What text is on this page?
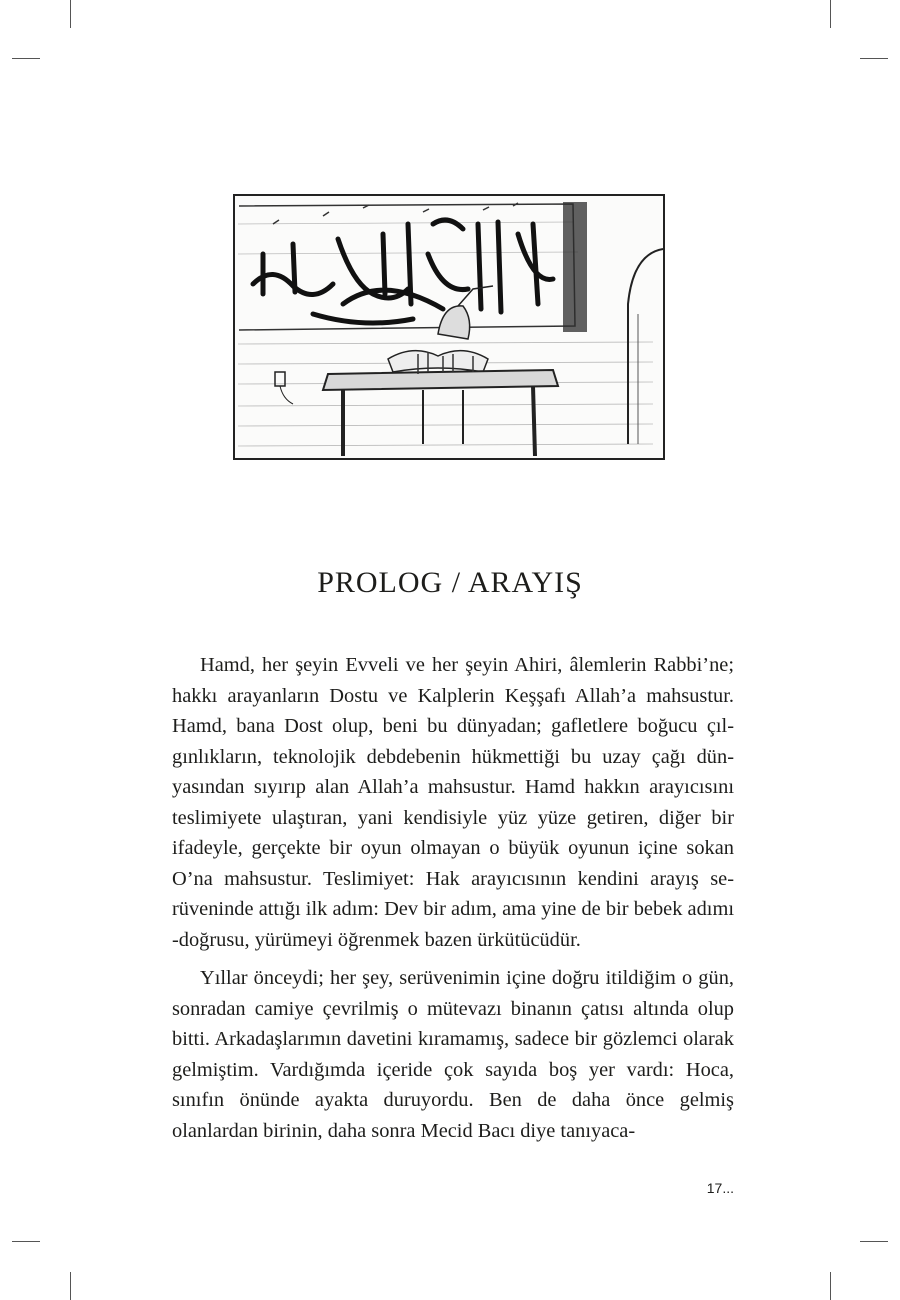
PROLOG / ARAYIŞ

Hamd, her şeyin Evveli ve her şeyin Ahiri, âlemlerin Rabbi’ne; hakkı arayanların Dostu ve Kalplerin Keşşafı Allah’a mahsustur. Hamd, bana Dost olup, beni bu dünyadan; gafletlere boğucu çılgınlıkların, teknolojik debdebenin hükmettiği bu uzay çağı dünyasından sıyırıp alan Allah’a mahsustur. Hamd hakkın arayıcısını teslimiyete ulaştıran, yani kendisiyle yüz yüze getiren, diğer bir ifadeyle, gerçekte bir oyun olmayan o büyük oyunun içine sokan O’na mahsustur. Teslimiyet: Hak arayıcısının kendini arayış serüveninde attığı ilk adım: Dev bir adım, ama yine de bir bebek adımı -doğrusu, yürümeyi öğrenmek bazen ürkütücüdür.

Yıllar önceydi; her şey, serüvenimin içine doğru itildiğim o gün, sonradan camiye çevrilmiş o mütevazı binanın çatısı altında olup bitti. Arkadaşlarımın davetini kıramamış, sadece bir gözlemci olarak gelmiştim. Vardığımda içeride çok sayıda boş yer vardı: Hoca, sınıfın önünde ayakta duruyordu. Ben de daha önce gelmiş olanlardan birinin, daha sonra Mecid Bacı diye tanıyaca-

17...
